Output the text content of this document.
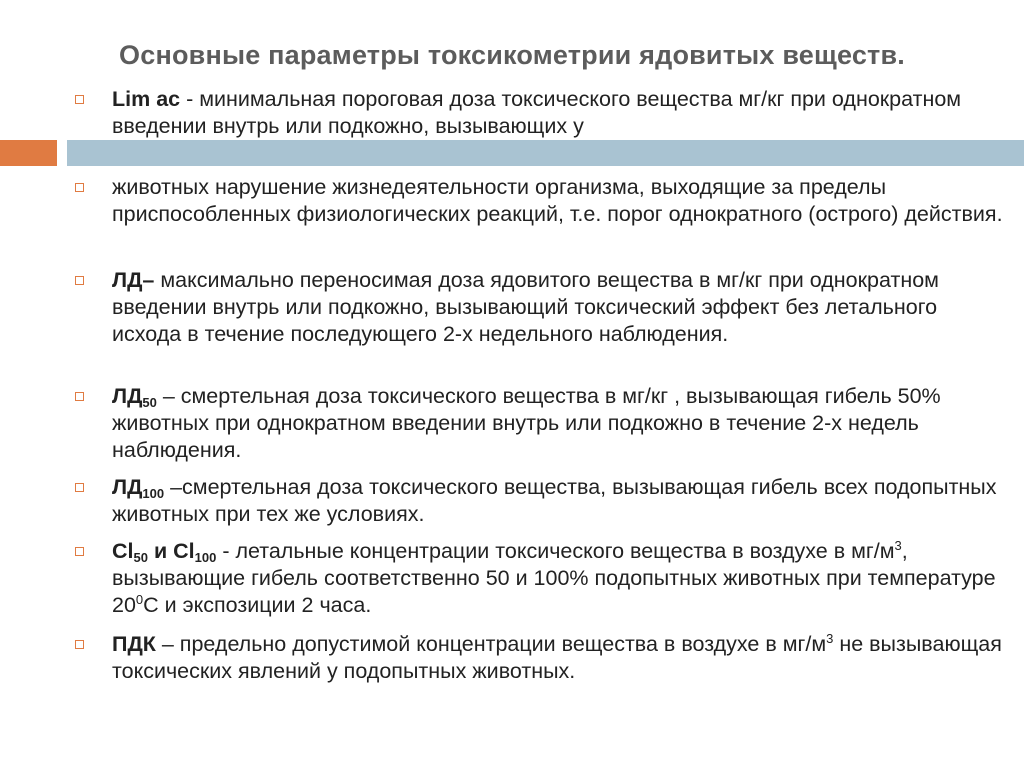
Основные параметры токсикометрии ядовитых веществ.
Lim ac - минимальная пороговая доза токсического вещества мг/кг при однократном введении внутрь или подкожно, вызывающих у
животных нарушение жизнедеятельности организма, выходящие за пределы приспособленных физиологических реакций, т.е. порог однократного (острого) действия.
ЛД– максимально переносимая доза ядовитого вещества в мг/кг при однократном введении внутрь или подкожно, вызывающий токсический эффект без летального исхода в течение последующего 2-х недельного наблюдения.
$ЛД_{50}$ – смертельная доза токсического вещества в мг/кг , вызывающая гибель 50% животных при однократном введении внутрь или подкожно в течение 2-х недель наблюдения.
$ЛД_{100}$ –смертельная доза токсического вещества, вызывающая гибель всех подопытных животных при тех же условиях.
$Cl_{50}$ и $Cl_{100}$ - летальные концентрации токсического вещества в воздухе в $мг/м^3$, вызывающие гибель соответственно 50 и 100% подопытных животных при температуре $20^0С$ и экспозиции 2 часа.
ПДК – предельно допустимой концентрации вещества в воздухе в $мг/м^3$ не вызывающая токсических явлений у подопытных животных.
